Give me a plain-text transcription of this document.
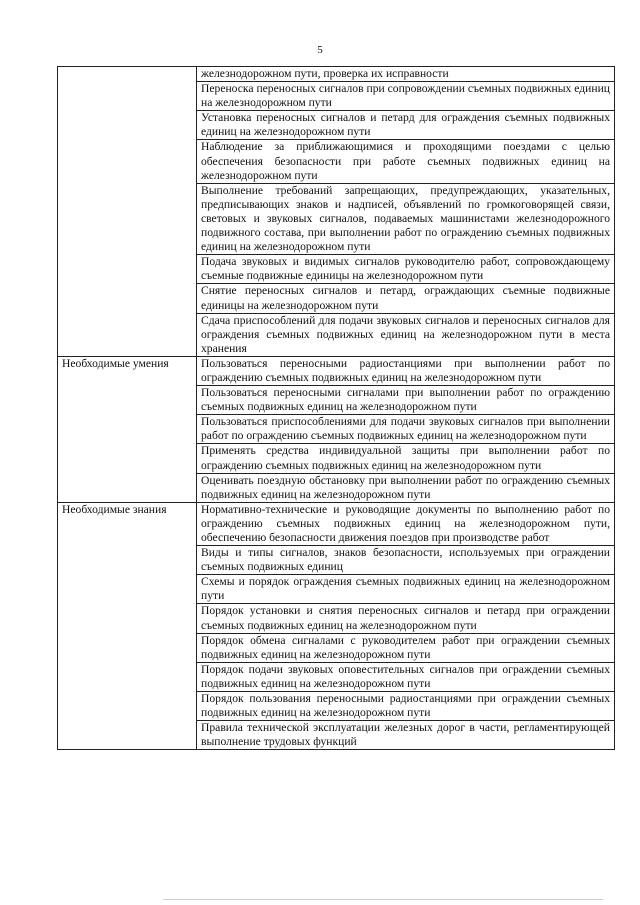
5

	железнодорожном пути, проверка их исправности

	Переноска переносных сигналов при сопровождении съемных подвижных единиц на железнодорожном пути

	Установка переносных сигналов и петард для ограждения съемных подвижных единиц на железнодорожном пути

	Наблюдение за приближающимися и проходящими поездами с целью обеспечения безопасности при работе съемных подвижных единиц на железнодорожном пути

	Выполнение требований запрещающих, предупреждающих, указательных, предписывающих знаков и надписей, объявлений по громкоговорящей связи, световых и звуковых сигналов, подаваемых машинистами железнодорожного подвижного состава, при выполнении работ по ограждению съемных подвижных единиц на железнодорожном пути

	Подача звуковых и видимых сигналов руководителю работ, сопровождающему съемные подвижные единицы на железнодорожном пути

	Снятие переносных сигналов и петард, ограждающих съемные подвижные единицы на железнодорожном пути

	Сдача приспособлений для подачи звуковых сигналов и переносных сигналов для ограждения съемных подвижных единиц на железнодорожном пути в места хранения

Необходимые умения	Пользоваться переносными радиостанциями при выполнении работ по ограждению съемных подвижных единиц на железнодорожном пути

	Пользоваться переносными сигналами при выполнении работ по ограждению съемных подвижных единиц на железнодорожном пути

	Пользоваться приспособлениями для подачи звуковых сигналов при выполнении работ по ограждению съемных подвижных единиц на железнодорожном пути

	Применять средства индивидуальной защиты при выполнении работ по ограждению съемных подвижных единиц на железнодорожном пути

	Оценивать поездную обстановку при выполнении работ по ограждению съемных подвижных единиц на железнодорожном пути

Необходимые знания	Нормативно-технические и руководящие документы по выполнению работ по ограждению съемных подвижных единиц на железнодорожном пути, обеспечению безопасности движения поездов при производстве работ

	Виды и типы сигналов, знаков безопасности, используемых при ограждении съемных подвижных единиц

	Схемы и порядок ограждения съемных подвижных единиц на железнодорожном пути

	Порядок установки и снятия переносных сигналов и петард при ограждении съемных подвижных единиц на железнодорожном пути

	Порядок обмена сигналами с руководителем работ при ограждении съемных подвижных единиц на железнодорожном пути

	Порядок подачи звуковых оповестительных сигналов при ограждении съемных подвижных единиц на железнодорожном пути

	Порядок пользования переносными радиостанциями при ограждении съемных подвижных единиц на железнодорожном пути

	Правила технической эксплуатации железных дорог в части, регламентирующей выполнение трудовых функций
